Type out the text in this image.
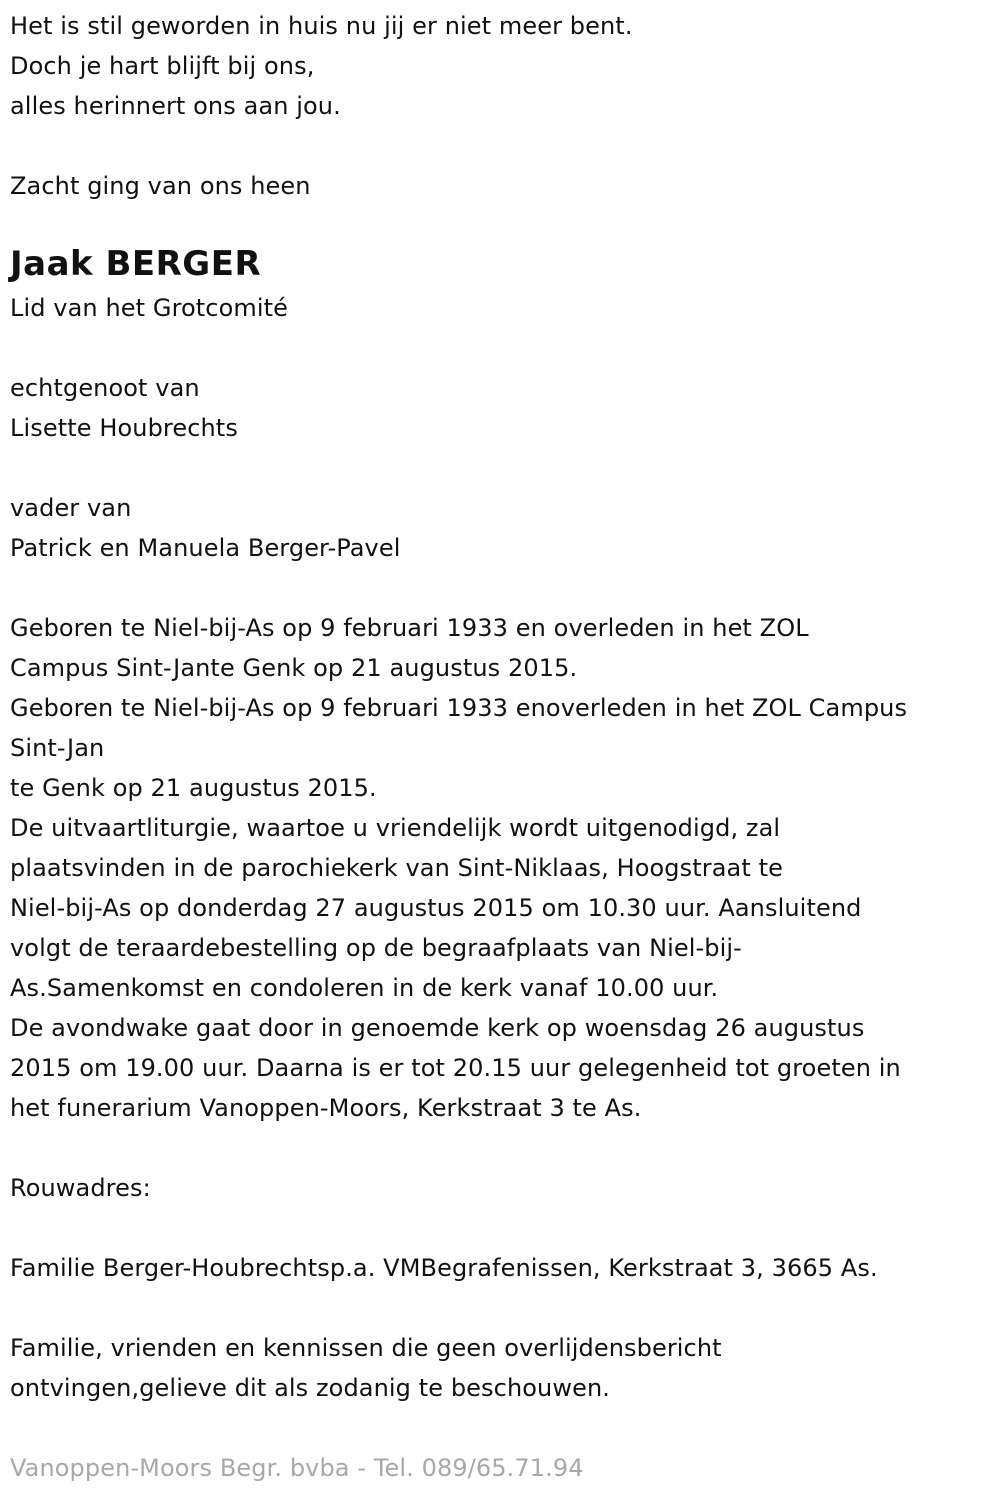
Het is stil geworden in huis nu jij er niet meer bent.
Doch je hart blijft bij ons,
alles herinnert ons aan jou.
Zacht ging van ons heen
Jaak BERGER
Lid van het Grotcomité
echtgenoot van
Lisette Houbrechts
vader van
Patrick en Manuela Berger-Pavel
Geboren te Niel-bij-As op 9 februari 1933 en overleden in het ZOL
Campus Sint-Jante Genk op 21 augustus 2015.
Geboren te Niel-bij-As op 9 februari 1933 enoverleden in het ZOL Campus
Sint-Jan
te Genk op 21 augustus 2015.
De uitvaartliturgie, waartoe u vriendelijk wordt uitgenodigd, zal
plaatsvinden in de parochiekerk van Sint-Niklaas, Hoogstraat te
Niel-bij-As op donderdag 27 augustus 2015 om 10.30 uur. Aansluitend
volgt de teraardebestelling op de begraafplaats van Niel-bij-
As.Samenkomst en condoleren in de kerk vanaf 10.00 uur.
De avondwake gaat door in genoemde kerk op woensdag 26 augustus
2015 om 19.00 uur. Daarna is er tot 20.15 uur gelegenheid tot groeten in
het funerarium Vanoppen-Moors, Kerkstraat 3 te As.
Rouwadres:
Familie Berger-Houbrechtsp.a. VMBegrafenissen, Kerkstraat 3, 3665 As.
Familie, vrienden en kennissen die geen overlijdensbericht
ontvingen,gelieve dit als zodanig te beschouwen.
Vanoppen-Moors Begr. bvba - Tel. 089/65.71.94
